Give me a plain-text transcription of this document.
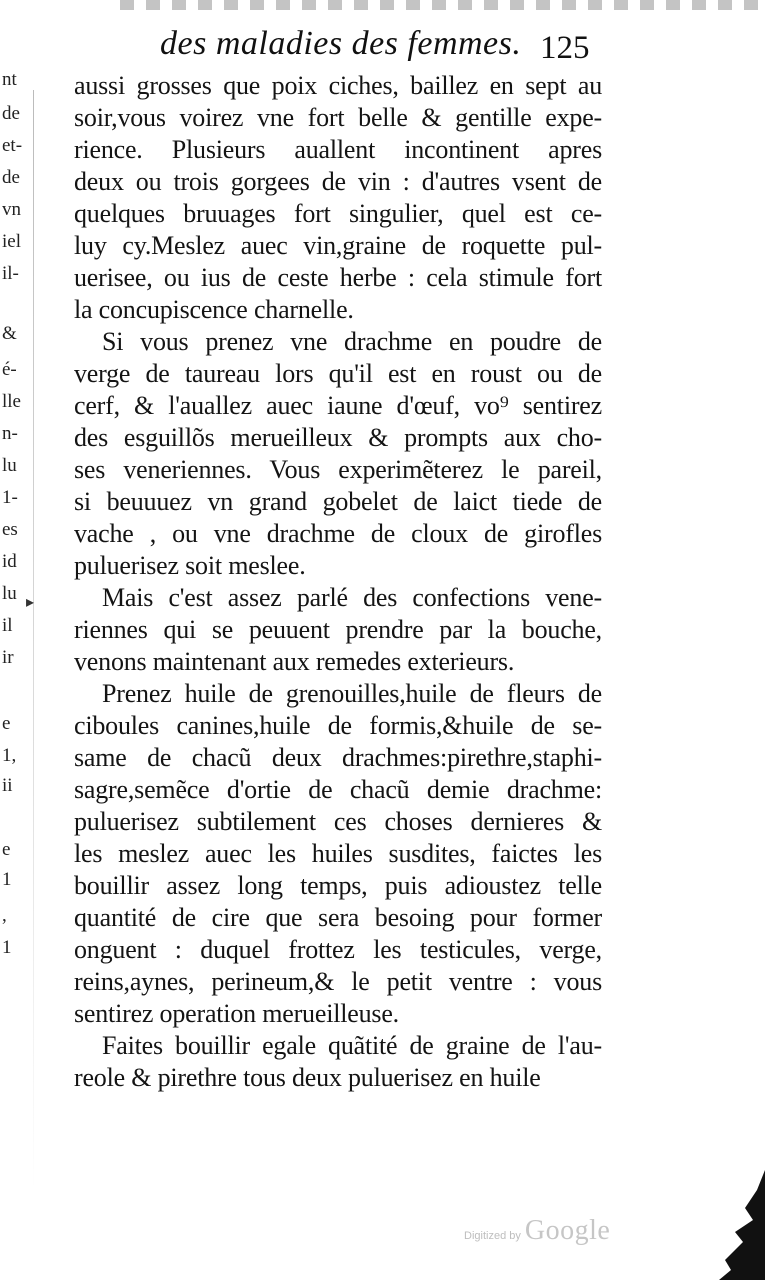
nt
de
et-
de
vn
iel
il-
&
é-
lle
n-
lu
1-
es
id
lu
il
ir
e
1,
ii
e
1
,
1
▸
des maladies des femmes. 125
aussi grosses que poix ciches, baillez en sept au
soir,vous voirez vne fort belle & gentille expe-
rience. Plusieurs auallent incontinent apres
deux ou trois gorgees de vin : d'autres vsent de
quelques bruuages fort singulier, quel est ce-
luy cy.Meslez auec vin,graine de roquette pul-
uerisee, ou ius de ceste herbe : cela stimule fort
la concupiscence charnelle.
Si vous prenez vne drachme en poudre de
verge de taureau lors qu'il est en roust ou de
cerf, & l'auallez auec iaune d'œuf, vo⁹ sentirez
des esguillõs merueilleux & prompts aux cho-
ses veneriennes. Vous experimẽterez le pareil,
si beuuuez vn grand gobelet de laict tiede de
vache , ou vne drachme de cloux de girofles
puluerisez soit meslee.
Mais c'est assez parlé des confections vene-
riennes qui se peuuent prendre par la bouche,
venons maintenant aux remedes exterieurs.
Prenez huile de grenouilles,huile de fleurs de
ciboules canines,huile de formis,&huile de se-
same de chacũ deux drachmes:pirethre,staphi-
sagre,semẽce d'ortie de chacũ demie drachme:
puluerisez subtilement ces choses dernieres &
les meslez auec les huiles susdites, faictes les
bouillir assez long temps, puis adioustez telle
quantité de cire que sera besoing pour former
onguent : duquel frottez les testicules, verge,
reins,aynes, perineum,& le petit ventre : vous
sentirez operation merueilleuse.
Faites bouillir egale quãtité de graine de l'au-
reole & pirethre tous deux puluerisez en huile
Digitized by Google
